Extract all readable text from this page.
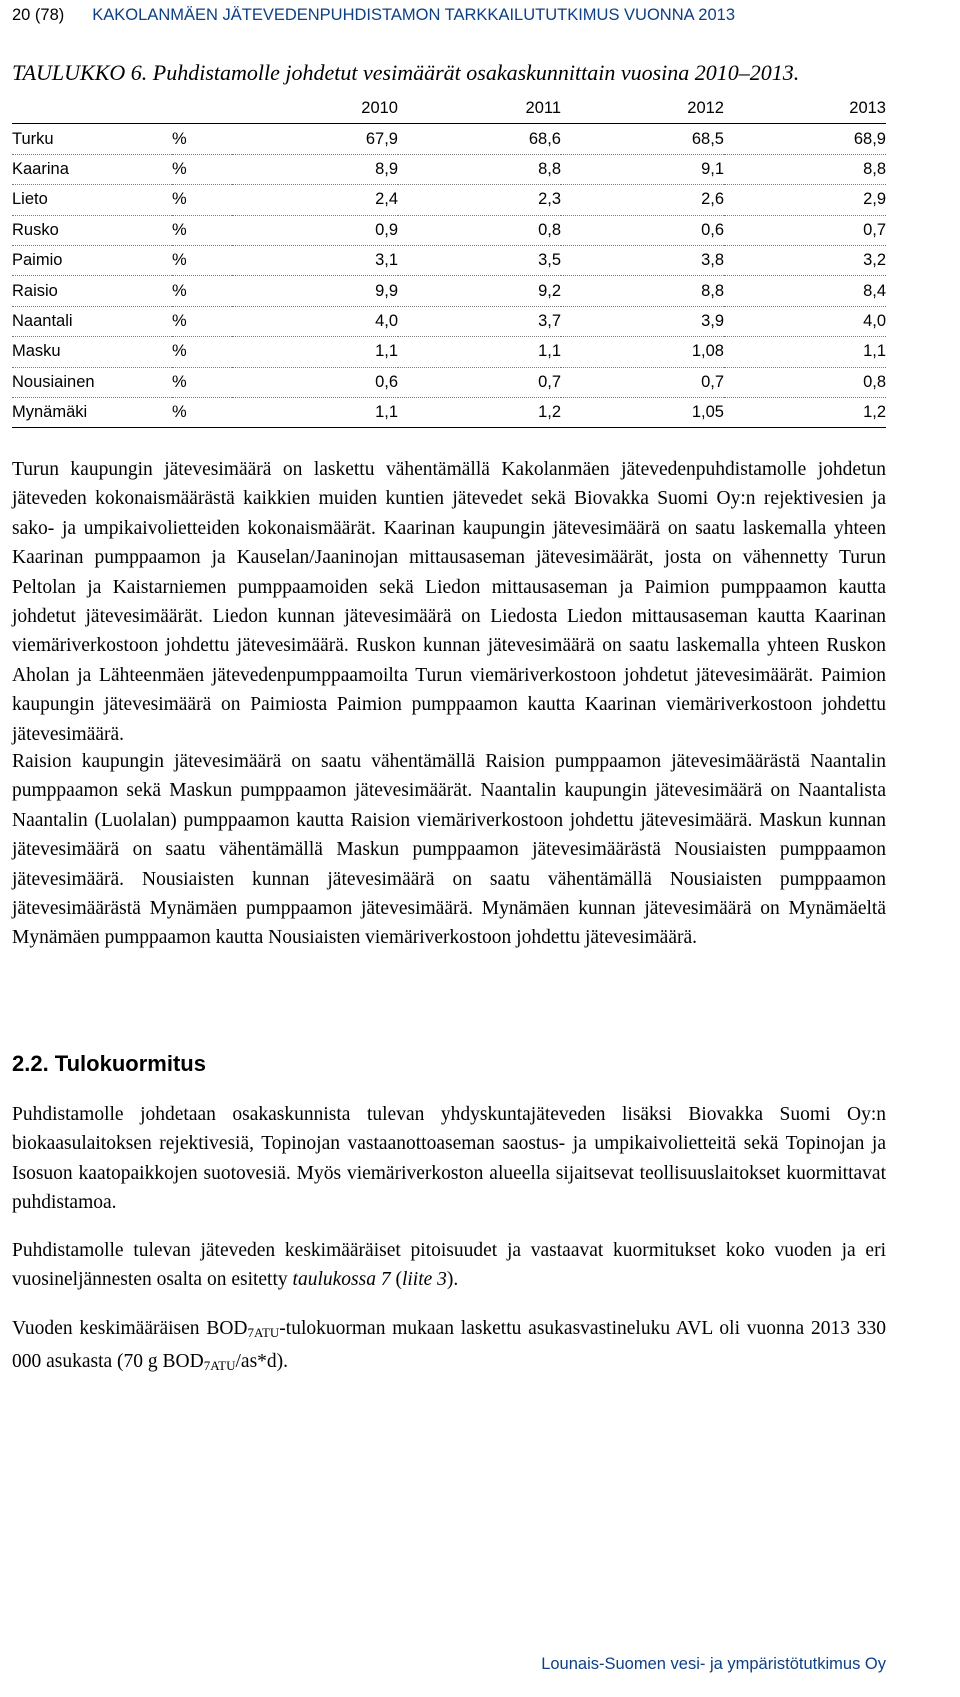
20 (78) KAKOLANMÄEN JÄTEVEDENPUHDISTAMON TARKKAILUTUTKIMUS VUONNA 2013
TAULUKKO 6. Puhdistamolle johdetut vesimäärät osakaskunnittain vuosina 2010–2013.
		2010	2011	2012	2013
Turku	%	67,9	68,6	68,5	68,9
Kaarina	%	8,9	8,8	9,1	8,8
Lieto	%	2,4	2,3	2,6	2,9
Rusko	%	0,9	0,8	0,6	0,7
Paimio	%	3,1	3,5	3,8	3,2
Raisio	%	9,9	9,2	8,8	8,4
Naantali	%	4,0	3,7	3,9	4,0
Masku	%	1,1	1,1	1,08	1,1
Nousiainen	%	0,6	0,7	0,7	0,8
Mynämäki	%	1,1	1,2	1,05	1,2

Turun kaupungin jätevesimäärä on laskettu vähentämällä Kakolanmäen jätevedenpuhdistamolle johdetun jäteveden kokonaismäärästä kaikkien muiden kuntien jätevedet sekä Biovakka Suomi Oy:n rejektivesien ja sako- ja umpikaivolietteiden kokonaismäärät. Kaarinan kaupungin jätevesimäärä on saatu laskemalla yhteen Kaarinan pumppaamon ja Kauselan/Jaaninojan mittausaseman jätevesimäärät, josta on vähennetty Turun Peltolan ja Kaistarniemen pumppaamoiden sekä Liedon mittausaseman ja Paimion pumppaamon kautta johdetut jätevesimäärät. Liedon kunnan jätevesimäärä on Liedosta Liedon mittausaseman kautta Kaarinan viemäriverkostoon johdettu jätevesimäärä. Ruskon kunnan jätevesimäärä on saatu laskemalla yhteen Ruskon Aholan ja Lähteenmäen jätevedenpumppaamoilta Turun viemäriverkostoon johdetut jätevesimäärät. Paimion kaupungin jätevesimäärä on Paimiosta Paimion pumppaamon kautta Kaarinan viemäriverkostoon johdettu jätevesimäärä.

Raision kaupungin jätevesimäärä on saatu vähentämällä Raision pumppaamon jätevesimäärästä Naantalin pumppaamon sekä Maskun pumppaamon jätevesimäärät. Naantalin kaupungin jätevesimäärä on Naantalista Naantalin (Luolalan) pumppaamon kautta Raision viemäriverkostoon johdettu jätevesimäärä. Maskun kunnan jätevesimäärä on saatu vähentämällä Maskun pumppaamon jätevesimäärästä Nousiaisten pumppaamon jätevesimäärä. Nousiaisten kunnan jätevesimäärä on saatu vähentämällä Nousiaisten pumppaamon jätevesimäärästä Mynämäen pumppaamon jätevesimäärä. Mynämäen kunnan jätevesimäärä on Mynämäeltä Mynämäen pumppaamon kautta Nousiaisten viemäriverkostoon johdettu jätevesimäärä.

2.2. Tulokuormitus

Puhdistamolle johdetaan osakaskunnista tulevan yhdyskuntajäteveden lisäksi Biovakka Suomi Oy:n biokaasulaitoksen rejektivesiä, Topinojan vastaanottoaseman saostus- ja umpikaivolietteitä sekä Topinojan ja Isosuon kaatopaikkojen suotovesiä. Myös viemäriverkoston alueella sijaitsevat teollisuuslaitokset kuormittavat puhdistamoa.

Puhdistamolle tulevan jäteveden keskimääräiset pitoisuudet ja vastaavat kuormitukset koko vuoden ja eri vuosineljännesten osalta on esitetty taulukossa 7 (liite 3).

Vuoden keskimääräisen $BOD_{7ATU}$-tulokuorman mukaan laskettu asukasvastineluku AVL oli vuonna 2013 330 000 asukasta (70 g $BOD_{7ATU}/as*d$).

Lounais-Suomen vesi- ja ympäristötutkimus Oy
